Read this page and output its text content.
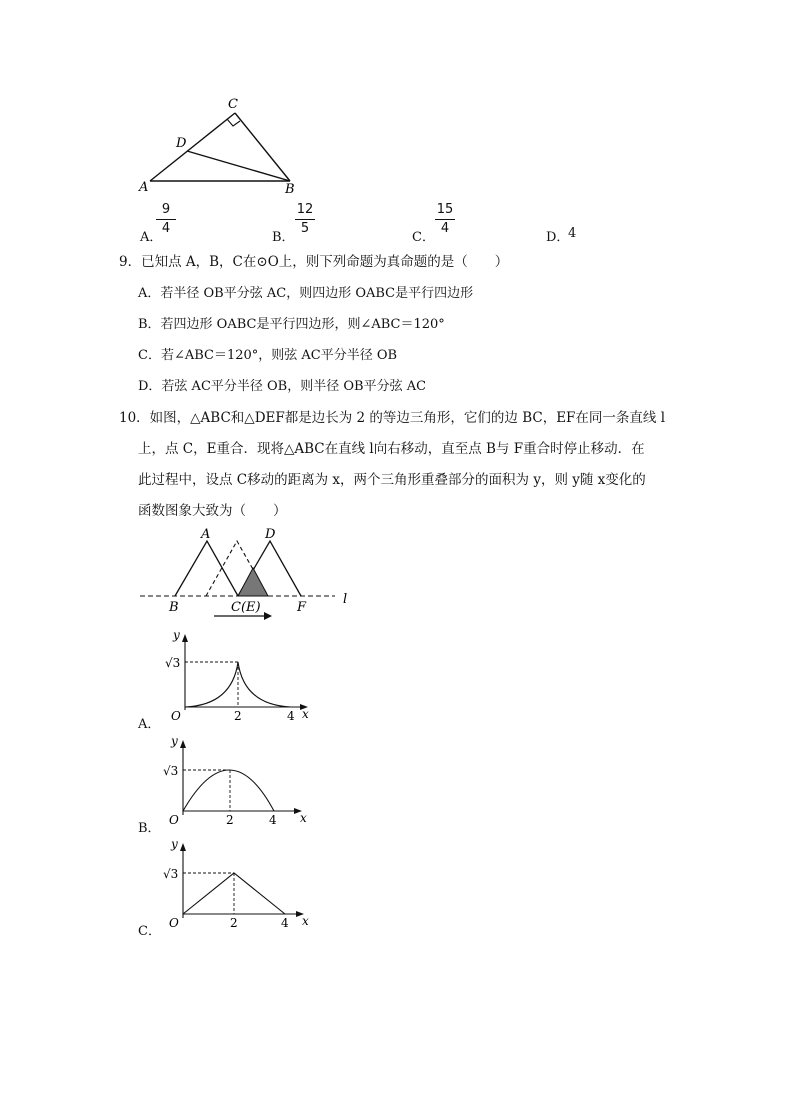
C
D
A	B
A．
9
4
B．
12
5
C．
15
4
D．
4
9．已知点 A，B，C在⊙O上，则下列命题为真命题的是（　　）
A．若半径 OB平分弦 AC，则四边形 OABC是平行四边形
B．若四边形 OABC是平行四边形，则∠ABC＝120°
C．若∠ABC＝120°，则弦 AC平分半径 OB
D．若弦 AC平分半径 OB，则半径 OB平分弦 AC
10．如图，△ABC和△DEF都是边长为 2 的等边三角形，它们的边 BC，EF在同一条直线 l
上，点 C，E重合．现将△ABC在直线 l向右移动，直至点 B与 F重合时停止移动．在
此过程中，设点 C移动的距离为 x，两个三角形重叠部分的面积为 y，则 y随 x变化的
函数图象大致为（　　）
A	D
B	C(E)	F
l
y
x
O
√3
2	4
A．
y
x
O
√3
2	4
B．
y
x
O
√3
2	4
C．
